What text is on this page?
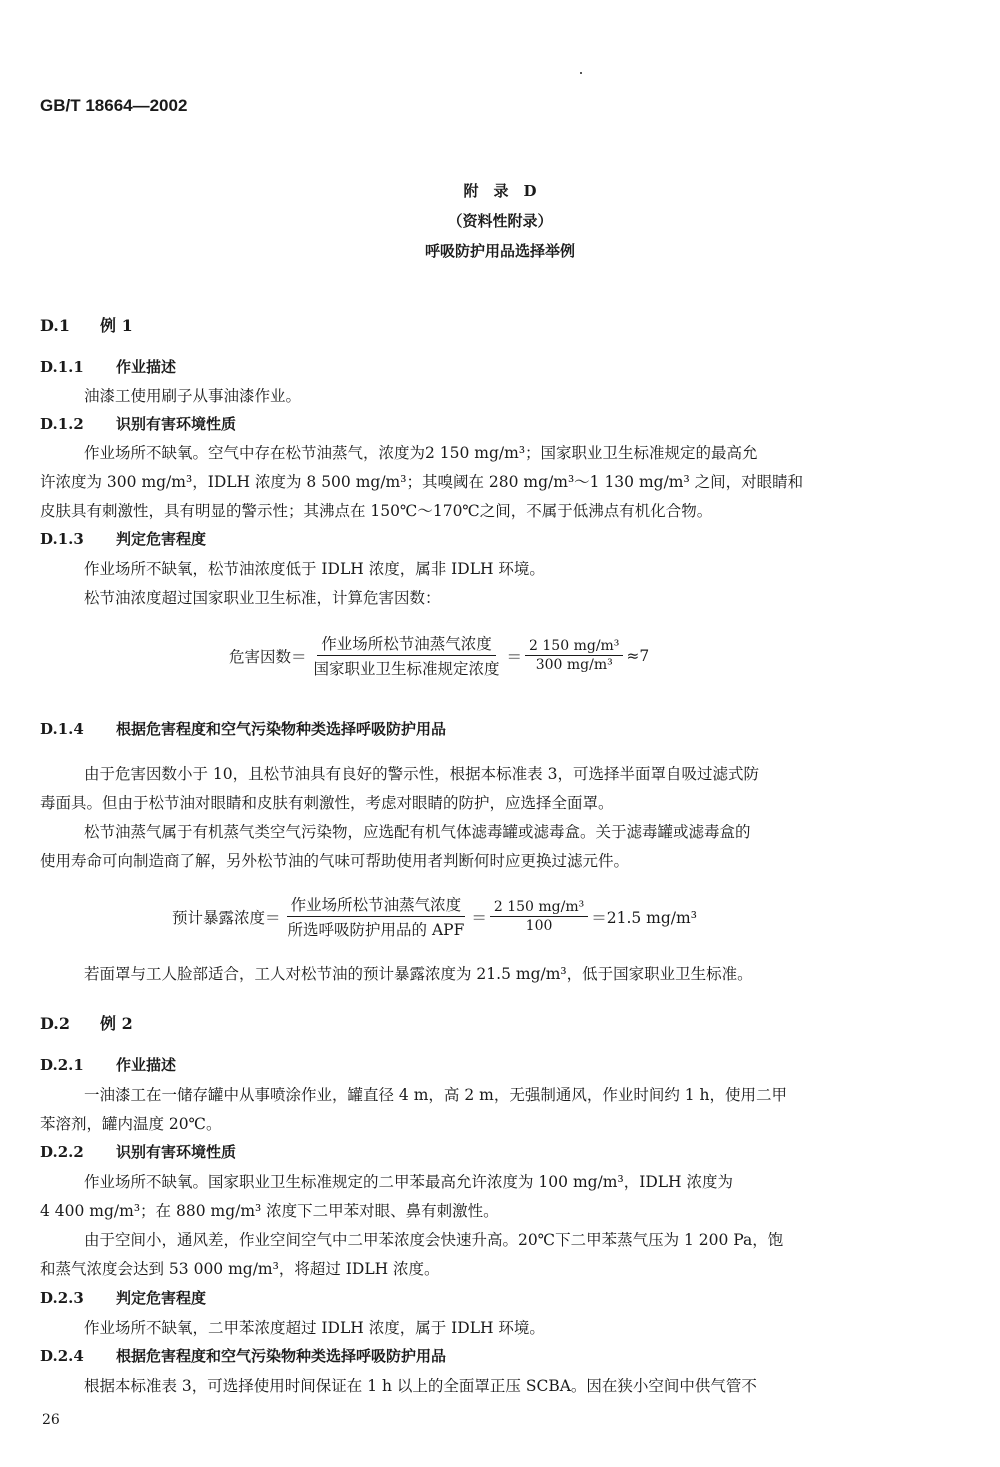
GB/T 18664—2002
附　录　D
（资料性附录）
呼吸防护用品选择举例
D.1 例 1
D.1.1 作业描述
油漆工使用刷子从事油漆作业。
D.1.2 识别有害环境性质
作业场所不缺氧。空气中存在松节油蒸气，浓度为2 150 mg/m³；国家职业卫生标准规定的最高允
许浓度为 300 mg/m³，IDLH 浓度为 8 500 mg/m³；其嗅阈在 280 mg/m³～1 130 mg/m³ 之间，对眼睛和
皮肤具有刺激性，具有明显的警示性；其沸点在 150℃～170℃之间，不属于低沸点有机化合物。
D.1.3 判定危害程度
作业场所不缺氧，松节油浓度低于 IDLH 浓度，属非 IDLH 环境。
松节油浓度超过国家职业卫生标准，计算危害因数：
危害因数＝ $\frac{\text{作业场所松节油蒸气浓度}}{\text{国家职业卫生标准规定浓度}} = \frac{\text{2 150 mg/m³}}{\text{300 mg/m³}} \approx 7$
D.1.4 根据危害程度和空气污染物种类选择呼吸防护用品
由于危害因数小于 10，且松节油具有良好的警示性，根据本标准表 3，可选择半面罩自吸过滤式防
毒面具。但由于松节油对眼睛和皮肤有刺激性，考虑对眼睛的防护，应选择全面罩。
松节油蒸气属于有机蒸气类空气污染物，应选配有机气体滤毒罐或滤毒盒。关于滤毒罐或滤毒盒的
使用寿命可向制造商了解，另外松节油的气味可帮助使用者判断何时应更换过滤元件。
预计暴露浓度＝ $\frac{\text{作业场所松节油蒸气浓度}}{\text{所选呼吸防护用品的 APF}} = \frac{\text{2 150 mg/m³}}{100} =21.5$ mg/m³
若面罩与工人脸部适合，工人对松节油的预计暴露浓度为 21.5 mg/m³，低于国家职业卫生标准。
D.2 例 2
D.2.1 作业描述
一油漆工在一储存罐中从事喷涂作业，罐直径 4 m，高 2 m，无强制通风，作业时间约 1 h，使用二甲
苯溶剂，罐内温度 20℃。
D.2.2 识别有害环境性质
作业场所不缺氧。国家职业卫生标准规定的二甲苯最高允许浓度为 100 mg/m³，IDLH 浓度为
4 400 mg/m³；在 880 mg/m³ 浓度下二甲苯对眼、鼻有刺激性。
由于空间小，通风差，作业空间空气中二甲苯浓度会快速升高。20℃下二甲苯蒸气压为 1 200 Pa，饱
和蒸气浓度会达到 53 000 mg/m³，将超过 IDLH 浓度。
D.2.3 判定危害程度
作业场所不缺氧，二甲苯浓度超过 IDLH 浓度，属于 IDLH 环境。
D.2.4 根据危害程度和空气污染物种类选择呼吸防护用品
根据本标准表 3，可选择使用时间保证在 1 h 以上的全面罩正压 SCBA。因在狭小空间中供气管不
26
